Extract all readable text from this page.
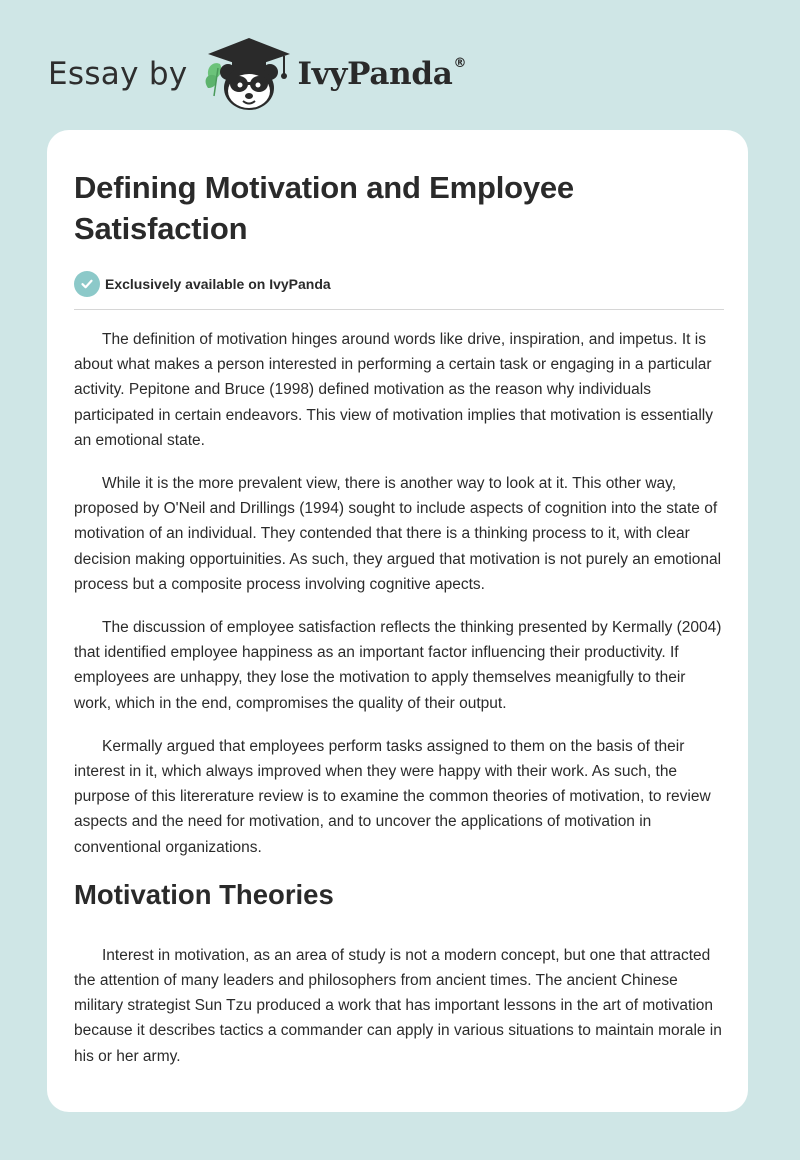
Essay by	IvyPanda ®
Defining Motivation and Employee Satisfaction
Exclusively available on IvyPanda

The definition of motivation hinges around words like drive, inspiration, and impetus. It is about what makes a person interested in performing a certain task or engaging in a particular activity. Pepitone and Bruce (1998) defined motivation as the reason why individuals participated in certain endeavors. This view of motivation implies that motivation is essentially an emotional state.

While it is the more prevalent view, there is another way to look at it. This other way, proposed by O'Neil and Drillings (1994) sought to include aspects of cognition into the state of motivation of an individual. They contended that there is a thinking process to it, with clear decision making opportuinities. As such, they argued that motivation is not purely an emotional process but a composite process involving cognitive apects.

The discussion of employee satisfaction reflects the thinking presented by Kermally (2004) that identified employee happiness as an important factor influencing their productivity. If employees are unhappy, they lose the motivation to apply themselves meanigfully to their work, which in the end, compromises the quality of their output.

Kermally argued that employees perform tasks assigned to them on the basis of their interest in it, which always improved when they were happy with their work. As such, the purpose of this litererature review is to examine the common theories of motivation, to review aspects and the need for motivation, and to uncover the applications of motivation in conventional organizations.

Motivation Theories

Interest in motivation, as an area of study is not a modern concept, but one that attracted the attention of many leaders and philosophers from ancient times. The ancient Chinese military strategist Sun Tzu produced a work that has important lessons in the art of motivation because it describes tactics a commander can apply in various situations to maintain morale in his or her army.
